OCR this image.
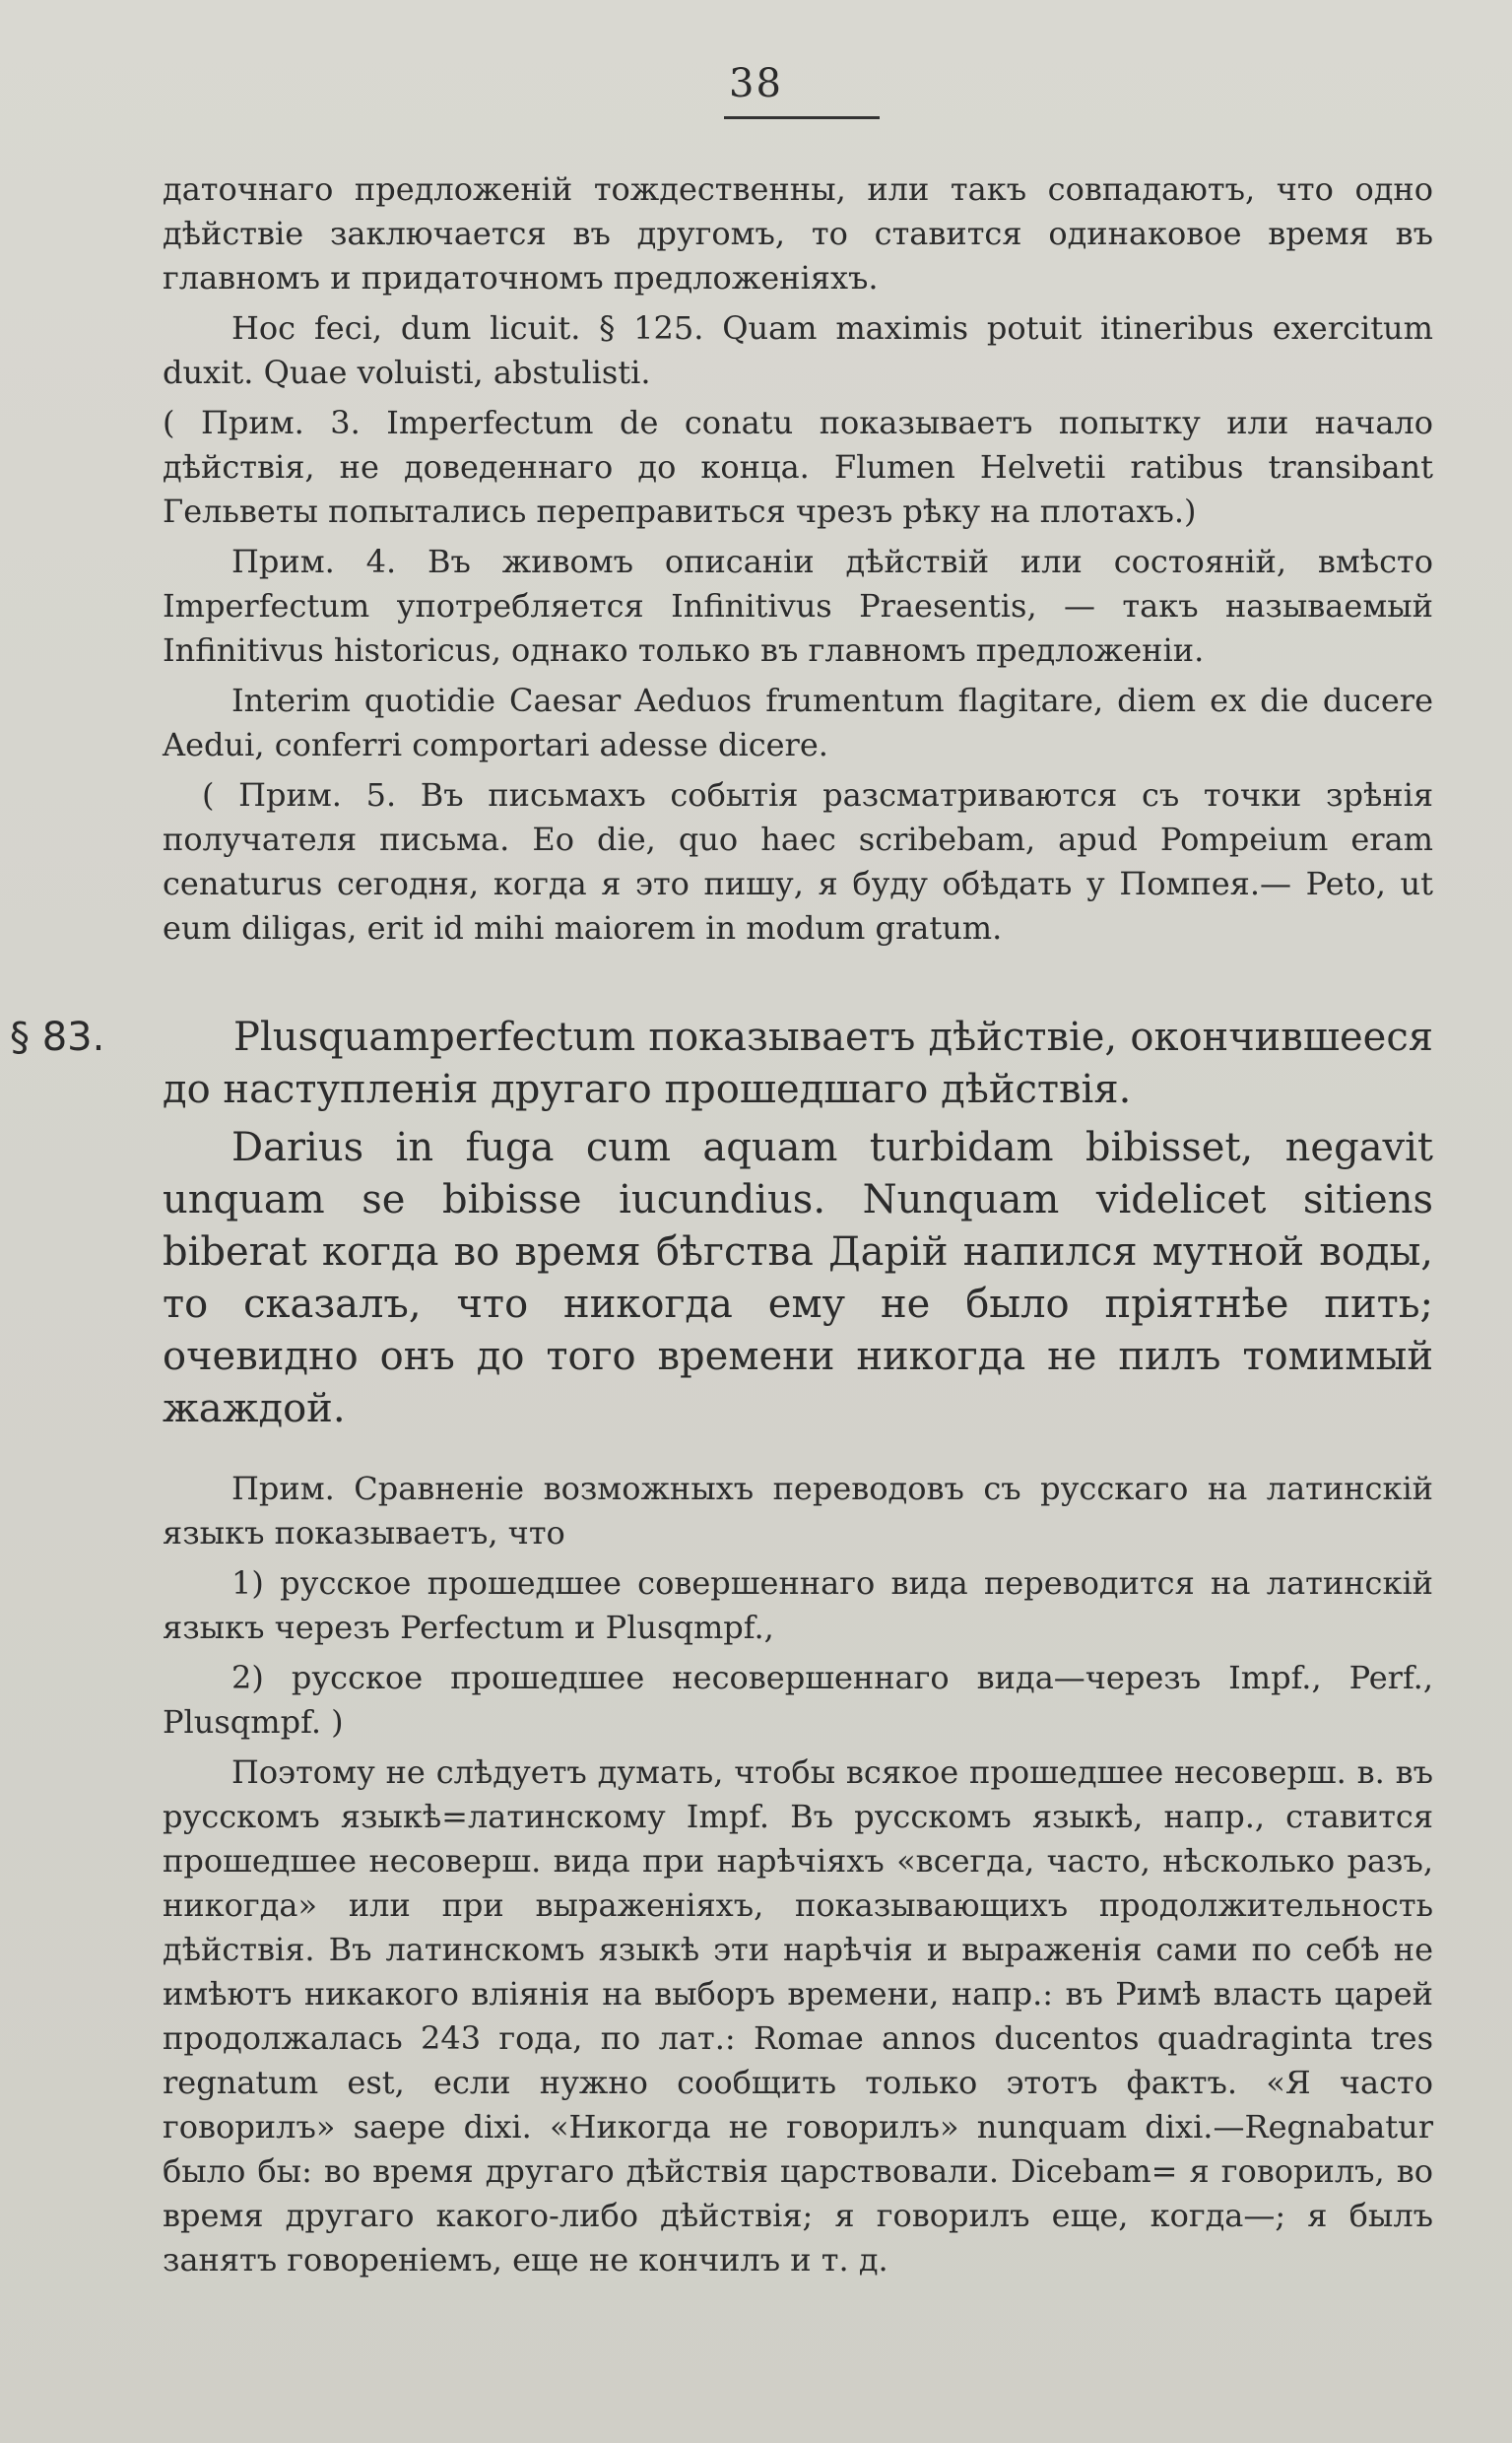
38

даточнаго предложенiй тождественны, или такъ совпадаютъ, что одно дѣйствiе заключается въ другомъ, то ставится одинаковое время въ главномъ и придаточномъ предложенiяхъ.

Hoc feci, dum licuit. § 125. Quam maximis potuit itineribus exercitum duxit. Quae voluisti, abstulisti.

( Прим. 3. Imperfectum de conatu показываетъ попытку или начало дѣйствiя, не доведеннаго до конца. Flumen Helvetii ratibus transibant Гельветы попытались переправиться чрезъ рѣку на плотахъ.)

Прим. 4. Въ живомъ описанiи дѣйствiй или состоянiй, вмѣсто Imperfectum употребляется Infinitivus Praesentis, — такъ называемый Infinitivus historicus, однако только въ главномъ предложенiи.

Interim quotidie Caesar Aeduos frumentum flagitare, diem ex die ducere Aedui, conferri comportari adesse dicere.

( Прим. 5. Въ письмахъ событiя разсматриваются съ точки зрѣнiя получателя письма. Eo die, quo haec scribebam, apud Pompeium eram cenaturus сегодня, когда я это пишу, я буду обѣдать у Помпея.— Peto, ut eum diligas, erit id mihi maiorem in modum gratum.

§ 83.	Plusquamperfectum показываетъ дѣйствiе, окончившееся до наступленiя другаго прошедшаго дѣйствiя.

Darius in fuga cum aquam turbidam bibisset, negavit unquam se bibisse iucundius. Nunquam videlicet sitiens biberat когда во время бѣгства Дарiй напился мутной воды, то сказалъ, что никогда ему не было прiятнѣе пить; очевидно онъ до того времени никогда не пилъ томимый жаждой.

Прим. Сравненiе возможныхъ переводовъ съ русскаго на латинскiй языкъ показываетъ, что

1) русское прошедшее совершеннаго вида переводится на латинскiй языкъ черезъ Perfectum и Plusqmpf.,

2) русское прошедшее несовершеннаго вида—черезъ Impf., Perf., Plusqmpf. )

Поэтому не слѣдуетъ думать, чтобы всякое прошедшее несоверш. в. въ русскомъ языкѣ=латинскому Impf. Въ русскомъ языкѣ, напр., ставится прошедшее несоверш. вида при нарѣчiяхъ «всегда, часто, нѣсколько разъ, никогда» или при выраженiяхъ, показывающихъ продолжительность дѣйствiя. Въ латинскомъ языкѣ эти нарѣчiя и выраженiя сами по себѣ не имѣютъ никакого влiянiя на выборъ времени, напр.: въ Римѣ власть царей продолжалась 243 года, по лат.: Romae annos ducentos quadraginta tres regnatum est, если нужно сообщить только этотъ фактъ. «Я часто говорилъ» saepe dixi. «Никогда не говорилъ» nunquam dixi.—Regnabatur было бы: во время другаго дѣйствiя царствовали. Dicebam= я говорилъ, во время другаго какого-либо дѣйствiя; я говорилъ еще, когда—; я былъ занятъ говоренiемъ, еще не кончилъ и т. д.
